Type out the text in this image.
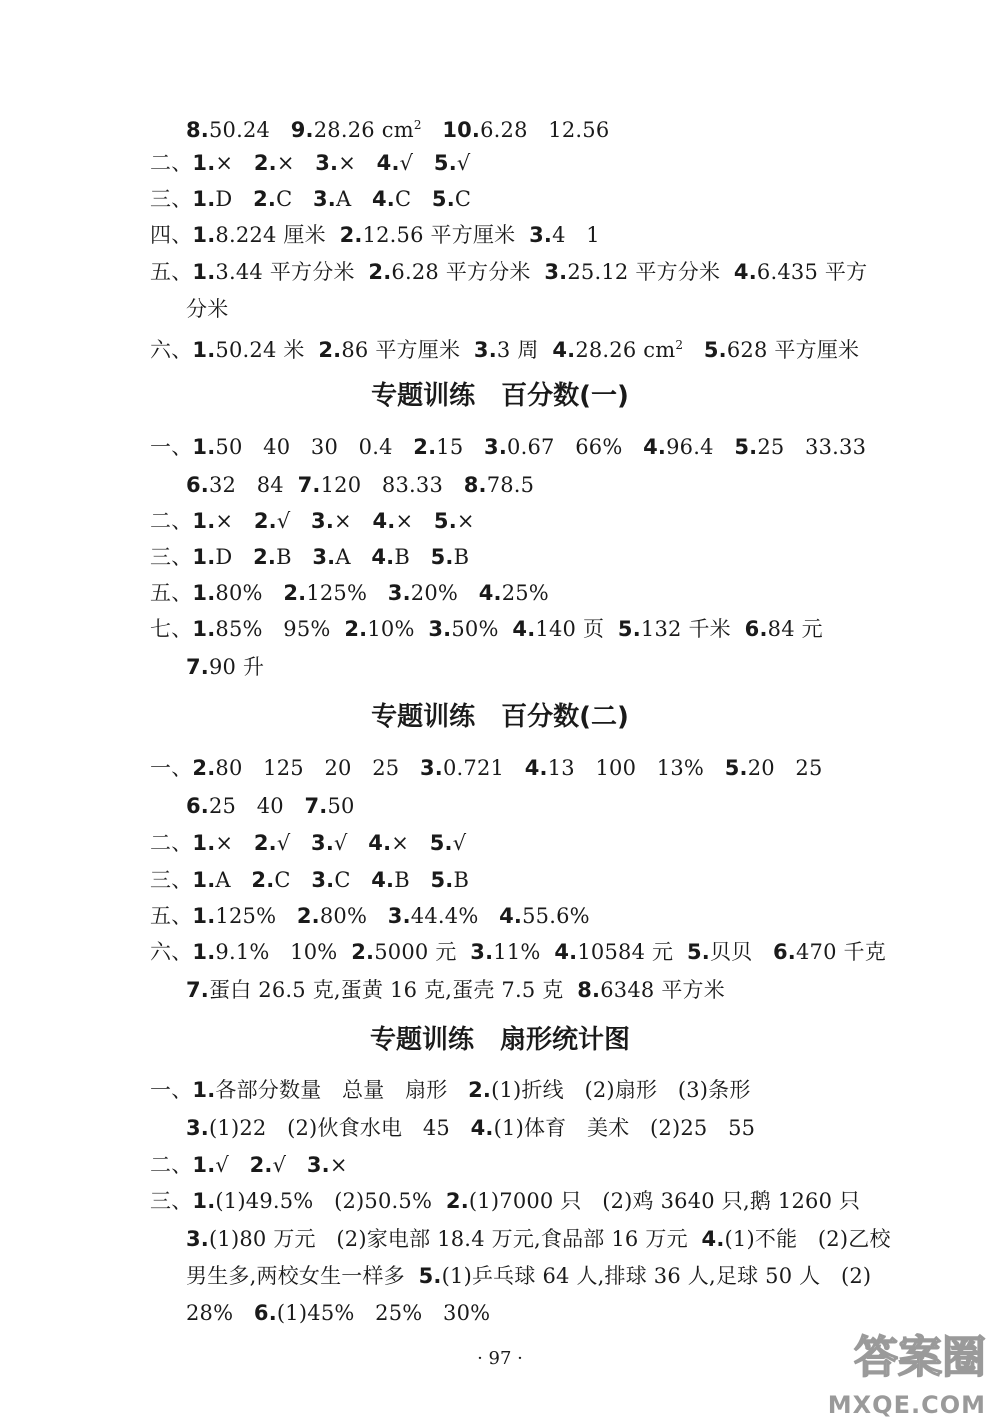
专题训练　百分数(一)
专题训练　百分数(二)
专题训练　扇形统计图
8.50.24   9.28.26 $cm^2$ 10.6.28   12.56
二、1.×   2.×   3.×   4.√   5.√
三、1.D   2.C   3.A   4.C   5.C
四、1.8.224 厘米  2.12.56 平方厘米  3.4   1
五、1.3.44 平方分米  2.6.28 平方分米  3.25.12 平方分米  4.6.435 平方
分米
六、1.50.24 米  2.86 平方厘米  3.3 周  4.28.26 $cm^2$ 5.628 平方厘米
一、1.50   40   30   0.4   2.15   3.0.67   66%   4.96.4   5.25   33.33
6.32   84  7.120   83.33   8.78.5
二、1.×   2.√   3.×   4.×   5.×
三、1.D   2.B   3.A   4.B   5.B
五、1.80%   2.125%   3.20%   4.25%
七、1.85%   95%  2.10%  3.50%  4.140 页  5.132 千米  6.84 元
7.90 升
一、2.80   125   20   25   3.0.721   4.13   100   13%   5.20   25
6.25   40   7.50
二、1.×   2.√   3.√   4.×   5.√
三、1.A   2.C   3.C   4.B   5.B
五、1.125%   2.80%   3.44.4%   4.55.6%
六、1.9.1%   10%  2.5000 元  3.11%  4.10584 元  5.贝贝   6.470 千克
7.蛋白 26.5 克,蛋黄 16 克,蛋壳 7.5 克  8.6348 平方米
一、1.各部分数量   总量   扇形   2.(1)折线   (2)扇形   (3)条形
3.(1)22   (2)伙食水电   45   4.(1)体育   美术   (2)25   55
二、1.√   2.√   3.×
三、1.(1)49.5%   (2)50.5%  2.(1)7000 只   (2)鸡 3640 只,鹅 1260 只
3.(1)80 万元   (2)家电部 18.4 万元,食品部 16 万元  4.(1)不能   (2)乙校
男生多,两校女生一样多  5.(1)乒乓球 64 人,排球 36 人,足球 50 人   (2)
28%   6.(1)45%   25%   30%
· 97 ·	答案圈
MXQE.COM
